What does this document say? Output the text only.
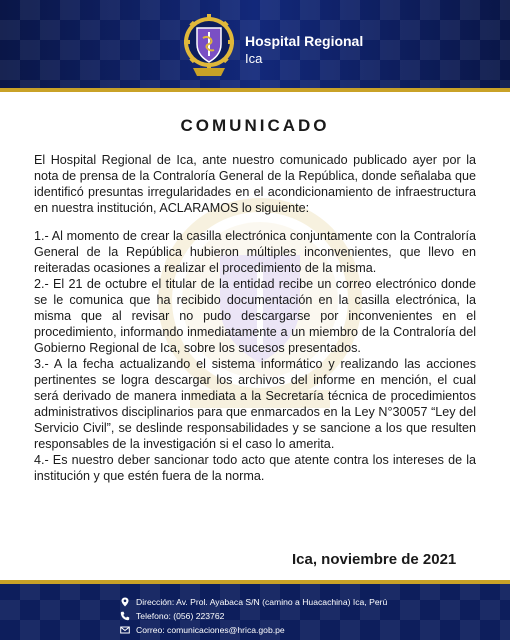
Hospital Regional
Ica
COMUNICADO

El Hospital Regional de Ica, ante nuestro comunicado publicado ayer por la nota de prensa de la Contraloría General de la República, donde señalaba que identificó presuntas irregularidades en el acondicionamiento de infraestructura en nuestra institución, ACLARAMOS lo siguiente:

1.- Al momento de crear la casilla electrónica conjuntamente con la Contraloría General de la República hubieron múltiples inconvenientes, que llevo en reiteradas ocasiones a realizar el procedimiento de la misma.

2.- El 21 de octubre el titular de la entidad recibe un correo electrónico donde se le comunica que ha recibido documentación en la casilla electrónica, la misma que al revisar no pudo descargarse por inconvenientes en el procedimiento, informando inmediatamente a un miembro de la Contraloría del Gobierno Regional de Ica, sobre los sucesos presentados.

3.- A la fecha actualizando el sistema informático y realizando las acciones pertinentes se logra descargar los archivos del informe en mención, el cual será derivado de manera inmediata a la Secretaría técnica de procedimientos administrativos disciplinarios para que enmarcados en la Ley N°30057 “Ley del Servicio Civil”, se deslinde responsabilidades y se sancione a los que resulten responsables de la investigación si el caso lo amerita.

4.- Es nuestro deber sancionar todo acto que atente contra los intereses de la institución y que estén fuera de la norma.

Ica, noviembre de 2021
Dirección: Av. Prol. Ayabaca S/N (camino a Huacachina) Ica, Perú
Telefono: (056) 223762
Correo: comunicaciones@hrica.gob.pe
